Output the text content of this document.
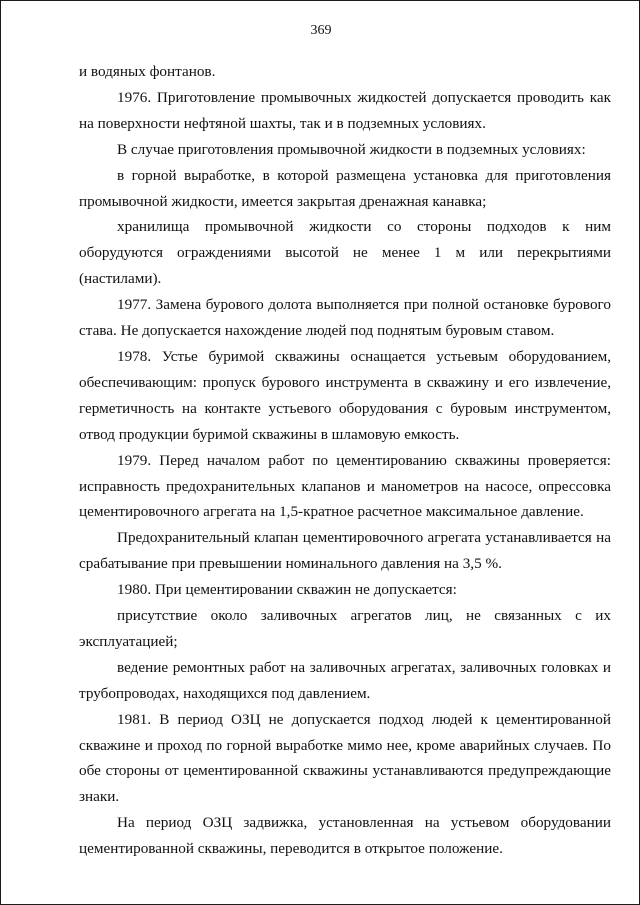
369

и водяных фонтанов.

1976. Приготовление промывочных жидкостей допускается проводить как на поверхности нефтяной шахты, так и в подземных условиях.

В случае приготовления промывочной жидкости в подземных условиях:

в горной выработке, в которой размещена установка для приготовления промывочной жидкости, имеется закрытая дренажная канавка;

хранилища промывочной жидкости со стороны подходов к ним оборудуются ограждениями высотой не менее 1 м или перекрытиями (настилами).

1977. Замена бурового долота выполняется при полной остановке бурового става. Не допускается нахождение людей под поднятым буровым ставом.

1978. Устье буримой скважины оснащается устьевым оборудованием, обеспечивающим: пропуск бурового инструмента в скважину и его извлечение, герметичность на контакте устьевого оборудования с буровым инструментом, отвод продукции буримой скважины в шламовую емкость.

1979. Перед началом работ по цементированию скважины проверяется: исправность предохранительных клапанов и манометров на насосе, опрессовка цементировочного агрегата на 1,5-кратное расчетное максимальное давление.

Предохранительный клапан цементировочного агрегата устанавливается на срабатывание при превышении номинального давления на 3,5 %.

1980. При цементировании скважин не допускается:

присутствие около заливочных агрегатов лиц, не связанных с их эксплуатацией;

ведение ремонтных работ на заливочных агрегатах, заливочных головках и трубопроводах, находящихся под давлением.

1981. В период ОЗЦ не допускается подход людей к цементированной скважине и проход по горной выработке мимо нее, кроме аварийных случаев. По обе стороны от цементированной скважины устанавливаются предупреждающие знаки.

На период ОЗЦ задвижка, установленная на устьевом оборудовании цементированной скважины, переводится в открытое положение.
